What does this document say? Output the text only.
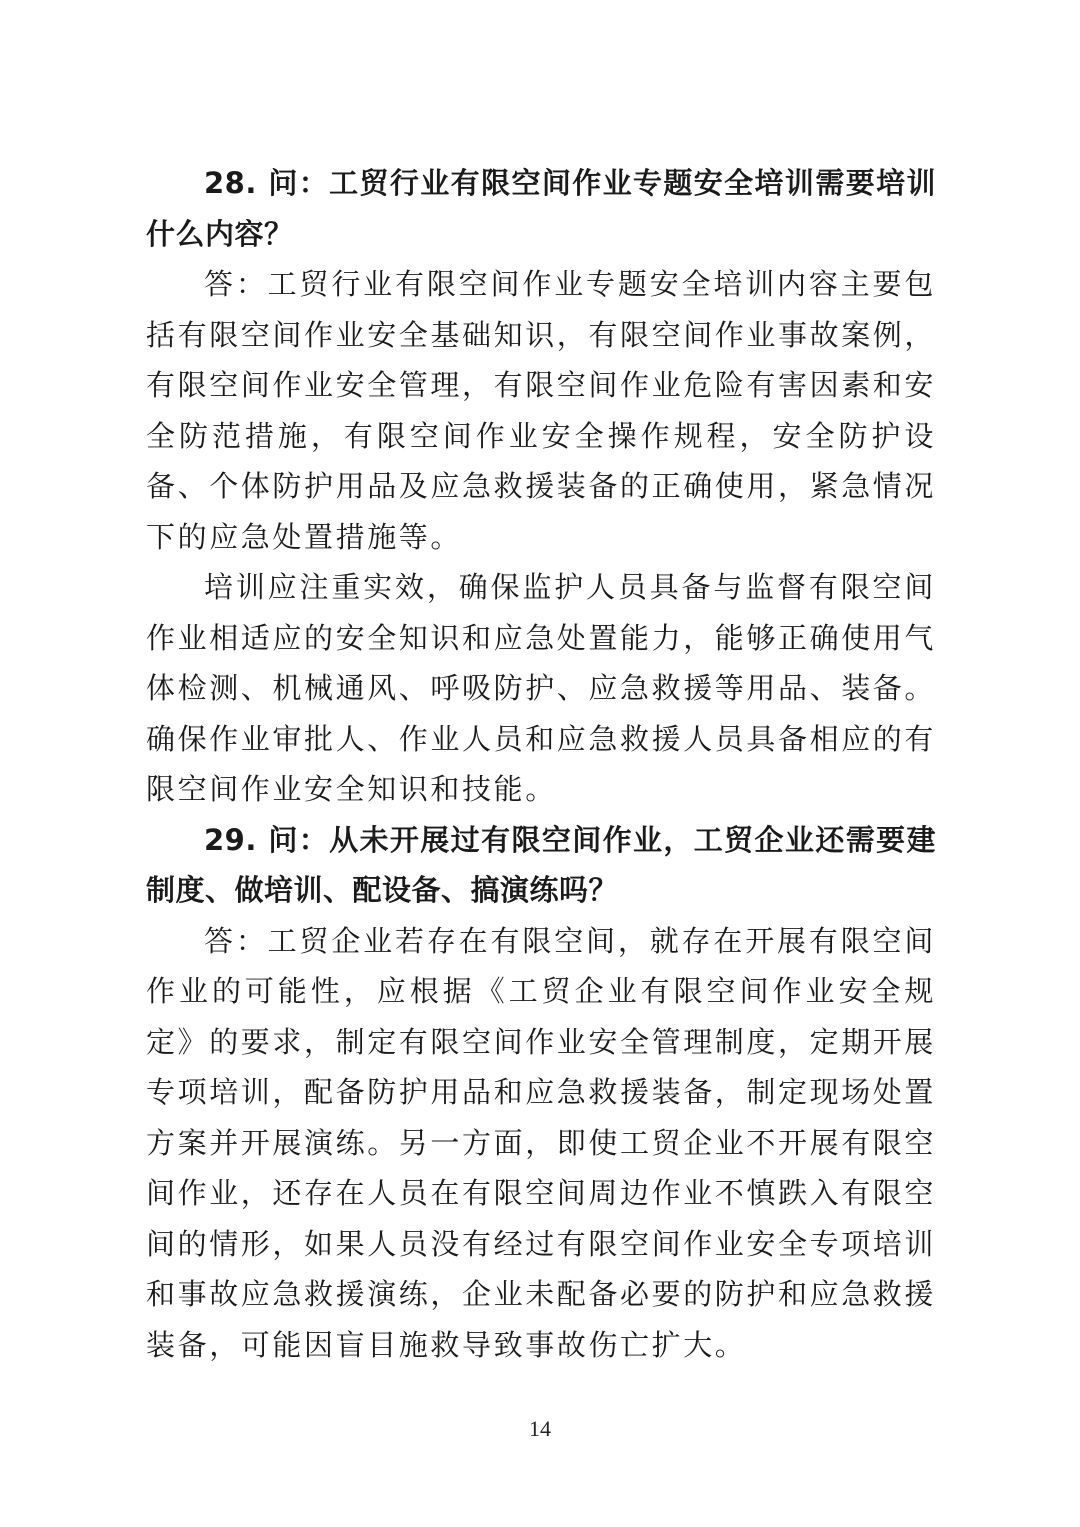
28. 问：工贸行业有限空间作业专题安全培训需要培训什么内容？

答：工贸行业有限空间作业专题安全培训内容主要包括有限空间作业安全基础知识，有限空间作业事故案例，有限空间作业安全管理，有限空间作业危险有害因素和安全防范措施，有限空间作业安全操作规程，安全防护设备、个体防护用品及应急救援装备的正确使用，紧急情况下的应急处置措施等。

培训应注重实效，确保监护人员具备与监督有限空间作业相适应的安全知识和应急处置能力，能够正确使用气体检测、机械通风、呼吸防护、应急救援等用品、装备。确保作业审批人、作业人员和应急救援人员具备相应的有限空间作业安全知识和技能。

29. 问：从未开展过有限空间作业，工贸企业还需要建制度、做培训、配设备、搞演练吗？

答：工贸企业若存在有限空间，就存在开展有限空间作业的可能性，应根据《工贸企业有限空间作业安全规定》的要求，制定有限空间作业安全管理制度，定期开展专项培训，配备防护用品和应急救援装备，制定现场处置方案并开展演练。另一方面，即使工贸企业不开展有限空间作业，还存在人员在有限空间周边作业不慎跌入有限空间的情形，如果人员没有经过有限空间作业安全专项培训和事故应急救援演练，企业未配备必要的防护和应急救援装备，可能因盲目施救导致事故伤亡扩大。

14
